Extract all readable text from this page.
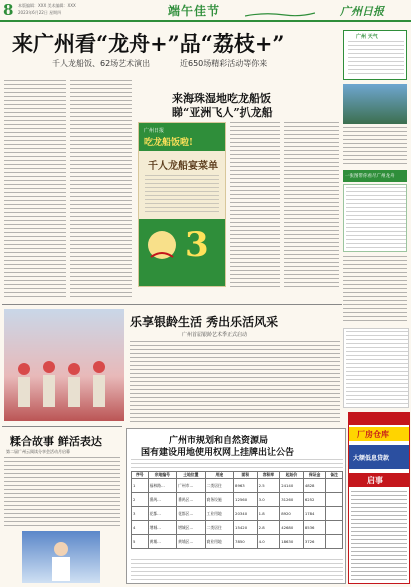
8 本版编辑：XXX 美术编辑：XXX
2023年6月22日 星期四	端午佳节	广州日报
来广州看“龙舟+”品“荔枝+”
千人龙船饭、62场艺术演出	近650场精彩活动等你来
来海珠湿地吃龙船饭
睇“亚洲飞人”扒龙船
广州日报
吃龙船饭啦!
千人龙船宴菜单
3
广州 天气
一张图带你看尽广州龙舟
乐享银龄生活 秀出乐活风采
广州首届银龄艺术季正式启动
糅合故事 鲜活表达
第二届广州云阅读分享会活动月启幕
广州市规划和自然资源局
国有建设用地使用权网上挂牌出让公告
序号	宗地编号	土地位置	用途	面积	容积率	起始价	保证金	备注
1	福林路…	广州市…	二类居住	8963	2.5	24140	4828	
2	番禺…	番禺区…	商务设施	12560	3.0	31260	6252	
3	花都…	花都区…	工业用地	20340	1.8	8920	1784	
4	增城…	增城区…	二类居住	15420	2.8	42680	8536	
5	黄埔…	黄埔区…	商业用地	7850	4.0	18630	3726	
厂房仓库
大额低息贷款
启事
